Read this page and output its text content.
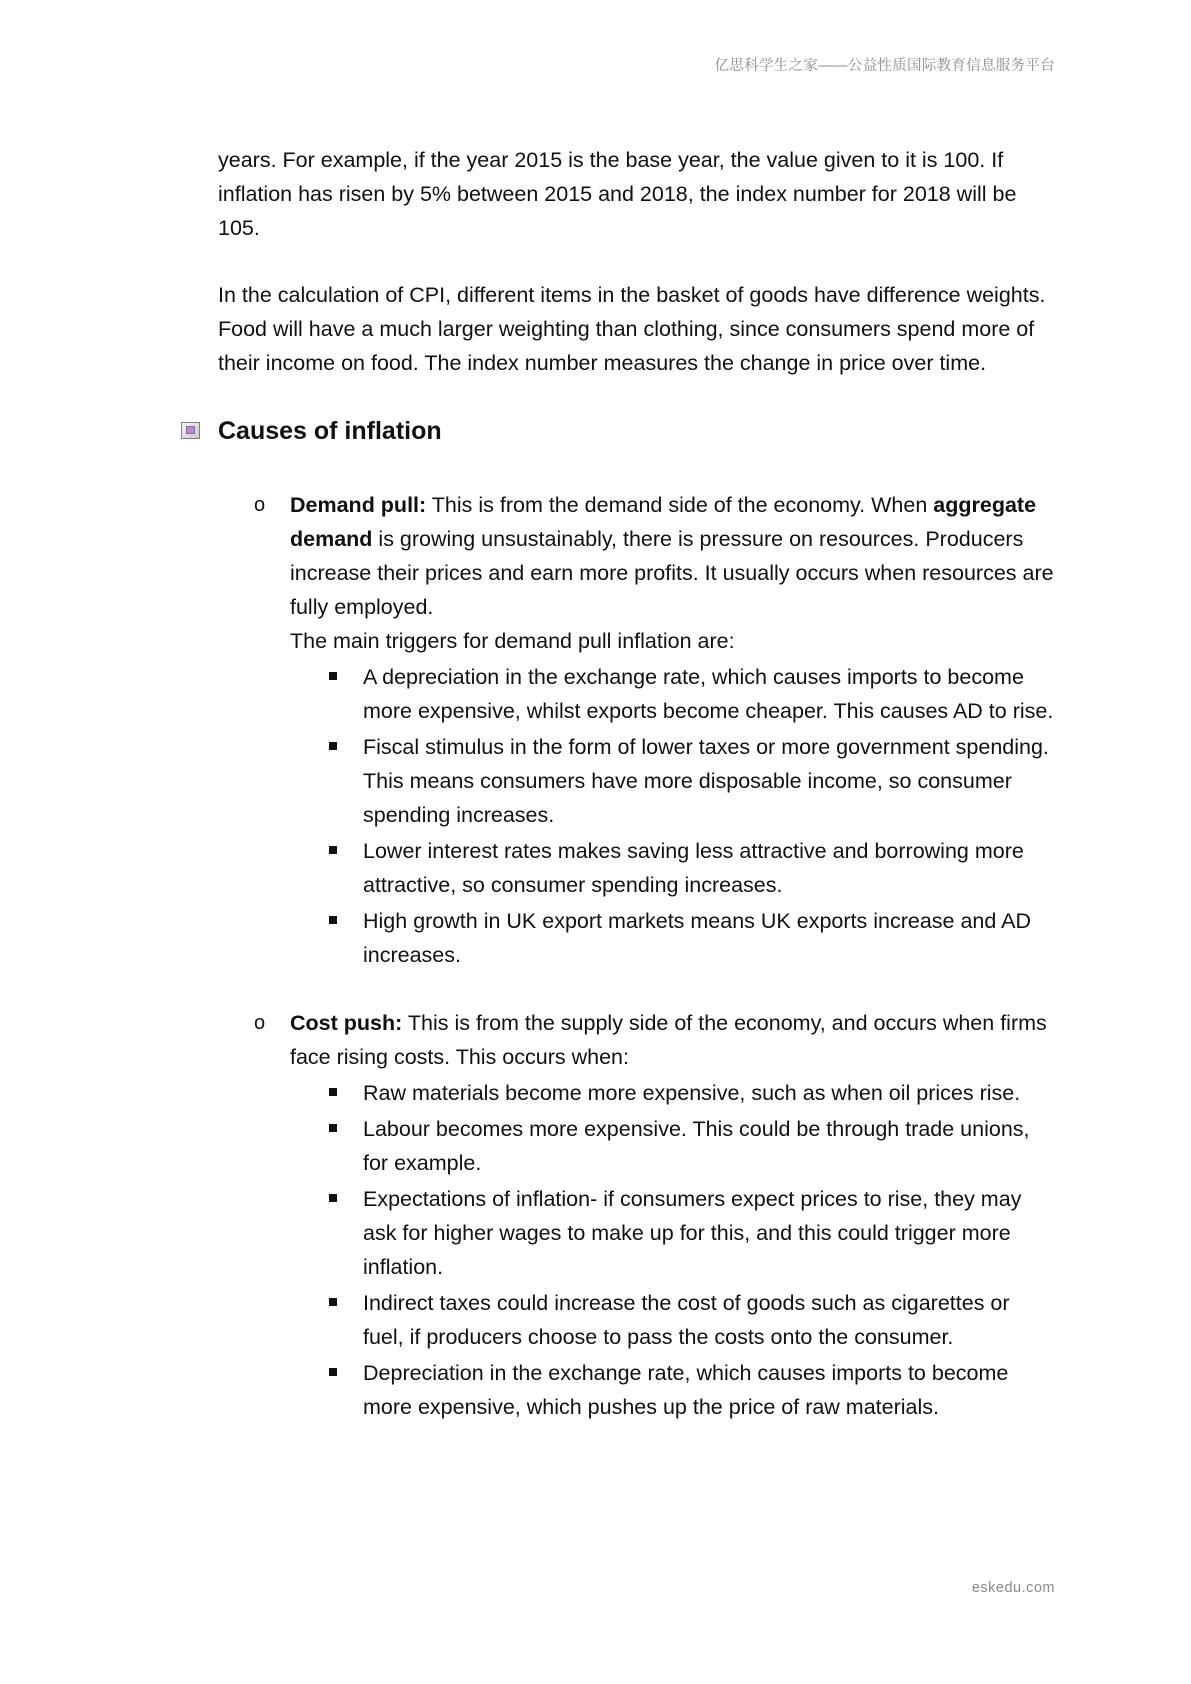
亿思科学生之家——公益性质国际教育信息服务平台

years. For example, if the year 2015 is the base year, the value given to it is 100. If inflation has risen by 5% between 2015 and 2018, the index number for 2018 will be 105.

In the calculation of CPI, different items in the basket of goods have difference weights. Food will have a much larger weighting than clothing, since consumers spend more of their income on food. The index number measures the change in price over time.

Causes of inflation
o Demand pull: This is from the demand side of the economy. When aggregate demand is growing unsustainably, there is pressure on resources. Producers increase their prices and earn more profits. It usually occurs when resources are fully employed.
The main triggers for demand pull inflation are:
A depreciation in the exchange rate, which causes imports to become more expensive, whilst exports become cheaper. This causes AD to rise.
Fiscal stimulus in the form of lower taxes or more government spending. This means consumers have more disposable income, so consumer spending increases.
Lower interest rates makes saving less attractive and borrowing more attractive, so consumer spending increases.
High growth in UK export markets means UK exports increase and AD increases.
o Cost push: This is from the supply side of the economy, and occurs when firms face rising costs. This occurs when:
Raw materials become more expensive, such as when oil prices rise.
Labour becomes more expensive. This could be through trade unions, for example.
Expectations of inflation- if consumers expect prices to rise, they may ask for higher wages to make up for this, and this could trigger more inflation.
Indirect taxes could increase the cost of goods such as cigarettes or fuel, if producers choose to pass the costs onto the consumer.
Depreciation in the exchange rate, which causes imports to become more expensive, which pushes up the price of raw materials.
eskedu.com
